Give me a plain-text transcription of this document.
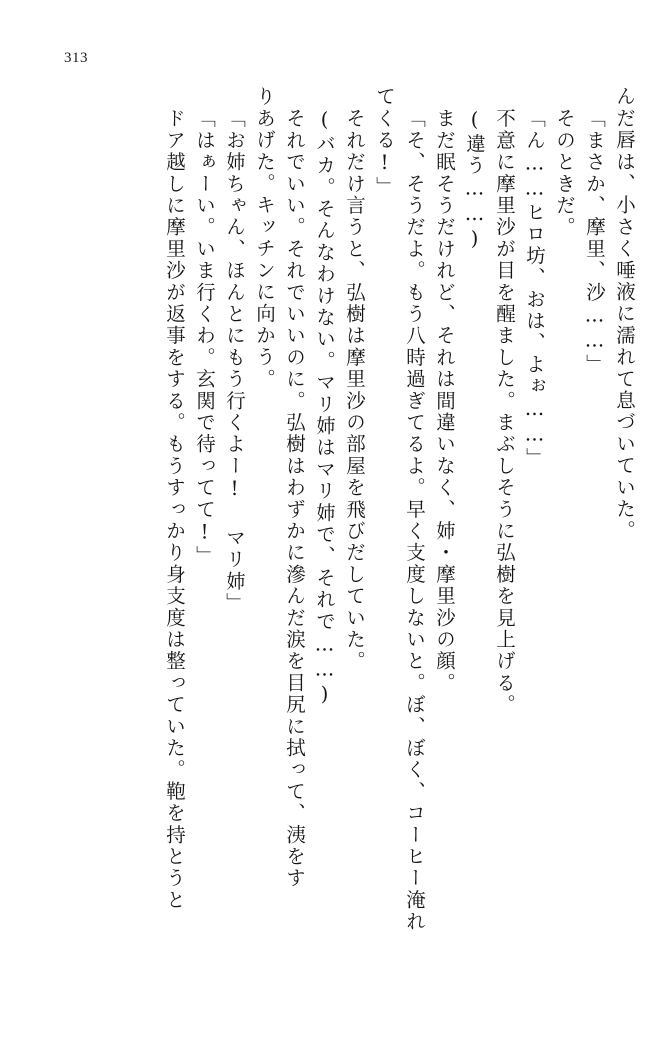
313
んだ唇は、小さく唾液に濡れて息づいていた。
「まさか、摩里、沙……」
そのときだ。
「ん……ヒロ坊、おは、よぉ……」
不意に摩里沙が目を醒ました。まぶしそうに弘樹を見上げる。
(違う……)
まだ眠そうだけれど、それは間違いなく、姉・摩里沙の顔。
「そ、そうだよ。もう八時過ぎてるよ。早く支度しないと。ぼ、ぼく、コーヒー淹れ
てくる!」
それだけ言うと、弘樹は摩里沙の部屋を飛びだしていた。
(バカ。そんなわけない。マリ姉はマリ姉で、それで……)
それでいい。それでいいのに。弘樹はわずかに滲んだ涙を目尻に拭って、洟をす
りあげた。キッチンに向かう。
「お姉ちゃん、ほんとにもう行くよー! マリ姉」
「はぁーい。いま行くわ。玄関で待ってて!」
ドア越しに摩里沙が返事をする。もうすっかり身支度は整っていた。鞄を持とうと
